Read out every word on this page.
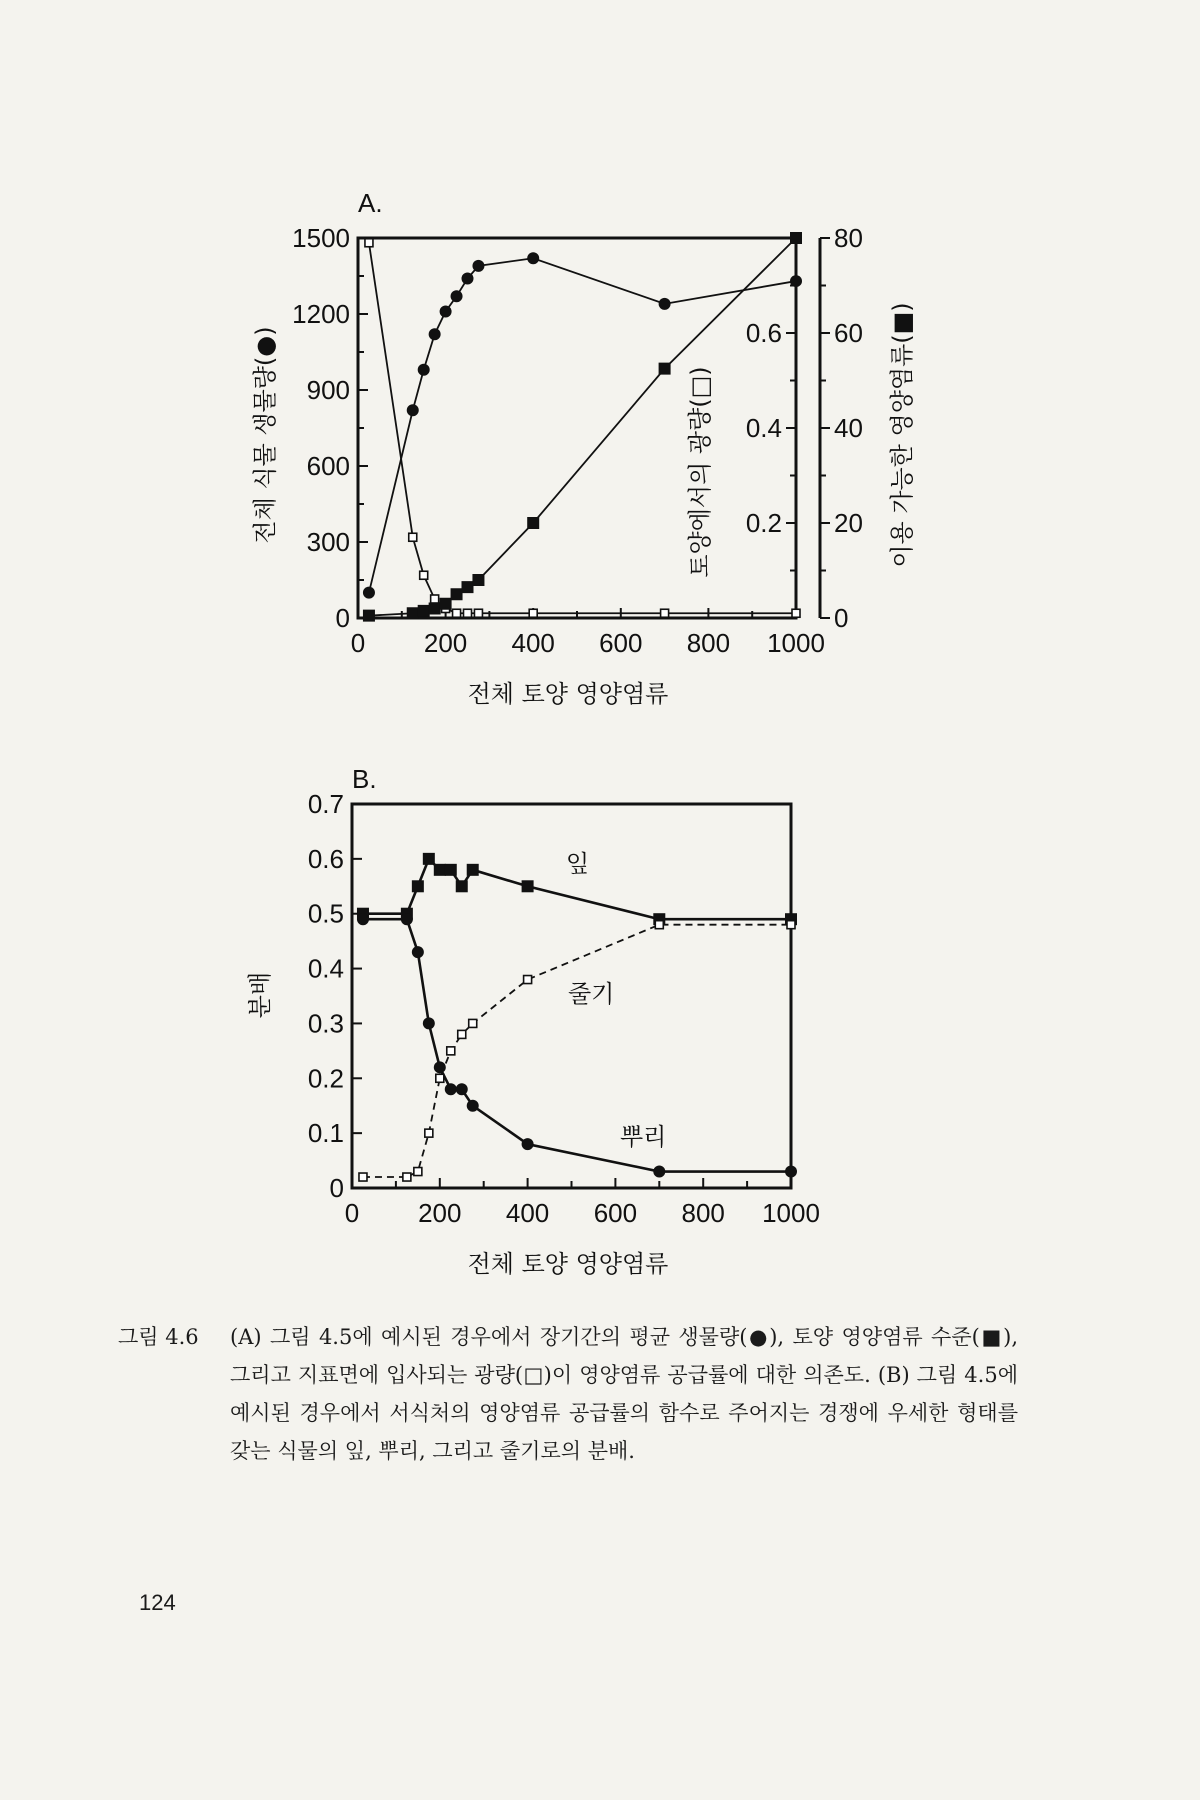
0 200 400 600 800 1000
0
300
600
900
1200
1500
0.2
0.4
0.6
0
20
40
60
80
A.
전체 토양 영양염류
전체 식물 생물량(●)	토양에서의 광량(□)	이용 가능한 영양염류(■)
0 200 400 600 800 1000
0
0.1
0.2
0.3
0.4
0.5
0.6
0.7
B.
전체 토양 영양염류
분배
잎
줄기
뿌리
그림 4.6	(A) 그림 4.5에 예시된 경우에서 장기간의 평균 생물량(●), 토양 영양염류 수준(■), 그리고 지표면에 입사되는 광량(□)이 영양염류 공급률에 대한 의존도. (B) 그림 4.5에 예시된 경우에서 서식처의 영양염류 공급률의 함수로 주어지는 경쟁에 우세한 형태를 갖는 식물의 잎, 뿌리, 그리고 줄기로의 분배.
124
